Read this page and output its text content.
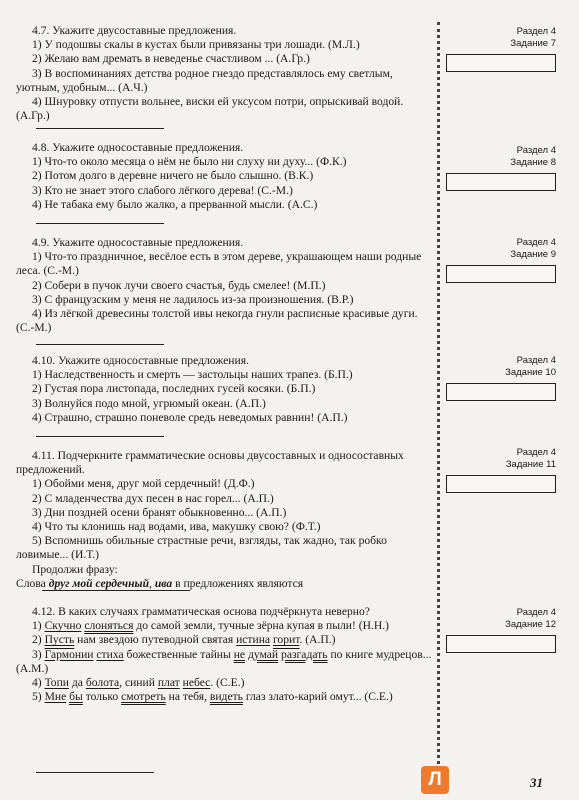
4.7. Укажите двусоставные предложения.

1) У подошвы скалы в кустах были привязаны три лошади. (М.Л.)

2) Желаю вам дремать в неведенье счастливом ... (А.Гр.)

3) В воспоминаниях детства родное гнездо представлялось ему светлым, уютным, удобным... (А.Ч.)

4) Шнуровку отпусти вольнее, виски ей уксусом потри, опрыскивай водой. (А.Гр.)

4.8. Укажите односоставные предложения.

1) Что-то около месяца о нём не было ни слуху ни духу... (Ф.К.)

2) Потом долго в деревне ничего не было слышно. (В.К.)

3) Кто не знает этого слабого лёгкого дерева! (С.-М.)

4) Не табака ему было жалко, а прерванной мысли. (А.С.)

4.9. Укажите односоставные предложения.

1) Что-то праздничное, весёлое есть в этом дереве, украшающем наши родные леса. (С.-М.)

2) Собери в пучок лучи своего счастья, будь смелее! (М.П.)

3) С французским у меня не ладилось из-за произношения. (В.Р.)

4) Из лёгкой древесины толстой ивы некогда гнули расписные красивые дуги. (С.-М.)

4.10. Укажите односоставные предложения.

1) Наследственность и смерть — застольцы наших трапез. (Б.П.)

2) Густая пора листопада, последних гусей косяки. (Б.П.)

3) Волнуйся подо мной, угрюмый океан. (А.П.)

4) Страшно, страшно поневоле средь неведомых равнин! (А.П.)

4.11. Подчеркните грамматические основы двусоставных и односоставных предложений.

1) Обойми меня, друг мой сердечный! (Д.Ф.)

2) С младенчества дух песен в нас горел... (А.П.)

3) Дни поздней осени бранят обыкновенно... (А.П.)

4) Что ты клонишь над водами, ива, макушку свою? (Ф.Т.)

5) Вспомнишь обильные страстные речи, взгляды, так жадно, так робко ловимые... (И.Т.)

Продолжи фразу:

Слова друг мой сердечный, ива в предложениях являются

4.12. В каких случаях грамматическая основа подчёркнута неверно?

1) Скучно слоняться до самой земли, тучные зёрна купая в пыли! (Н.Н.)

2) Пусть нам звездою путеводной святая истина горит. (А.П.)

3) Гармонии стиха божественные тайны не думай разгадать по книге мудрецов...(А.М.)

4) Топи да болота, синий плат небес. (С.Е.)

5) Мне бы только смотреть на тебя, видеть глаз злато-карий омут... (С.Е.)

Раздел 4
Задание 7
Раздел 4
Задание 8
Раздел 4
Задание 9
Раздел 4
Задание 10
Раздел 4
Задание 11
Раздел 4
Задание 12
Л	31
